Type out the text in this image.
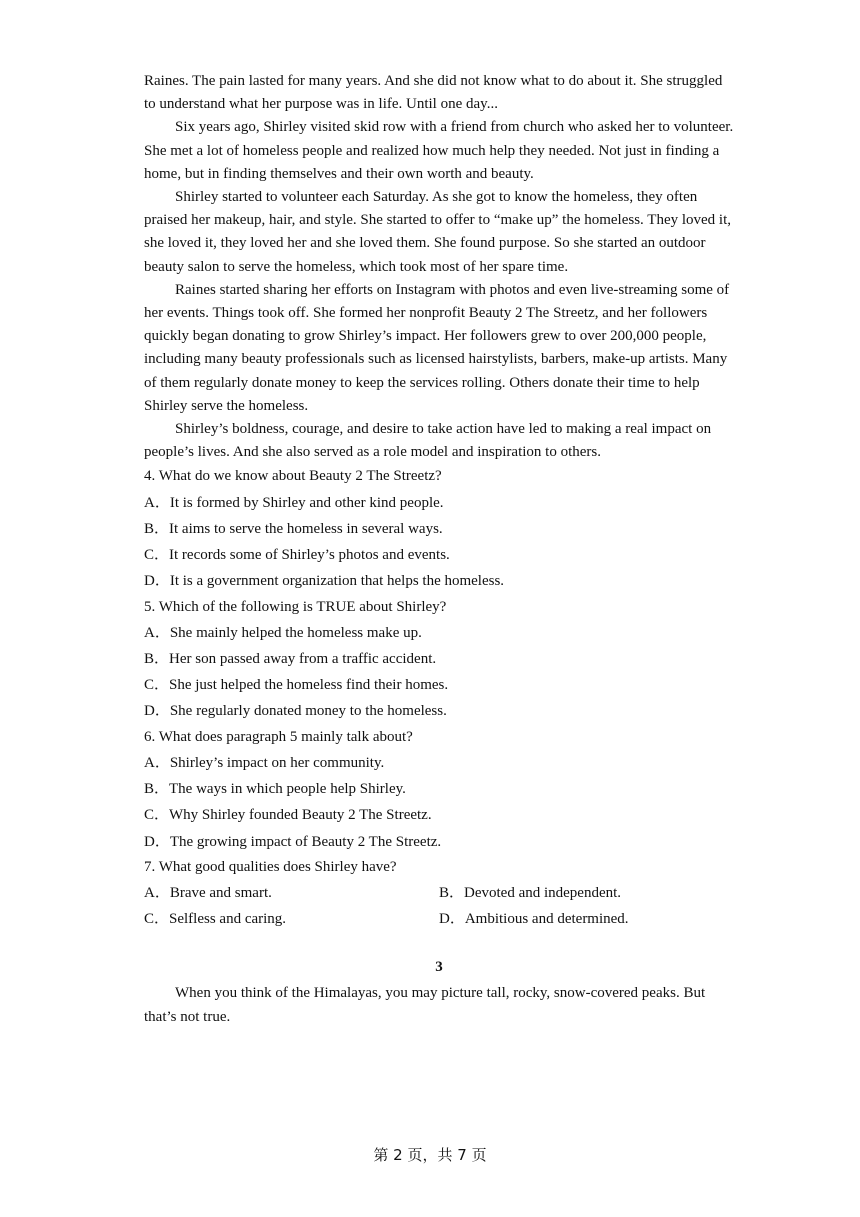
Raines. The pain lasted for many years. And she did not know what to do about it. She struggled to understand what her purpose was in life. Until one day...

Six years ago, Shirley visited skid row with a friend from church who asked her to volunteer. She met a lot of homeless people and realized how much help they needed. Not just in finding a home, but in finding themselves and their own worth and beauty.

Shirley started to volunteer each Saturday. As she got to know the homeless, they often praised her makeup, hair, and style. She started to offer to “make up” the homeless. They loved it, she loved it, they loved her and she loved them. She found purpose. So she started an outdoor beauty salon to serve the homeless, which took most of her spare time.

Raines started sharing her efforts on Instagram with photos and even live-streaming some of her events. Things took off. She formed her nonprofit Beauty 2 The Streetz, and her followers quickly began donating to grow Shirley’s impact. Her followers grew to over 200,000 people, including many beauty professionals such as licensed hairstylists, barbers, make-up artists. Many of them regularly donate money to keep the services rolling. Others donate their time to help Shirley serve the homeless.

Shirley’s boldness, courage, and desire to take action have led to making a real impact on people’s lives. And she also served as a role model and inspiration to others.

4. What do we know about Beauty 2 The Streetz?

A．It is formed by Shirley and other kind people.

B．It aims to serve the homeless in several ways.

C．It records some of Shirley’s photos and events.

D．It is a government organization that helps the homeless.

5. Which of the following is TRUE about Shirley?

A．She mainly helped the homeless make up.

B．Her son passed away from a traffic accident.

C．She just helped the homeless find their homes.

D．She regularly donated money to the homeless.

6. What does paragraph 5 mainly talk about?

A．Shirley’s impact on her community.

B．The ways in which people help Shirley.

C．Why Shirley founded Beauty 2 The Streetz.

D．The growing impact of Beauty 2 The Streetz.

7. What good qualities does Shirley have?

A．Brave and smart.	B．Devoted and independent.
C．Selfless and caring.	D．Ambitious and determined.
3

When you think of the Himalayas, you may picture tall, rocky, snow-covered peaks. But that’s not true.

第 2 页，共 7 页
